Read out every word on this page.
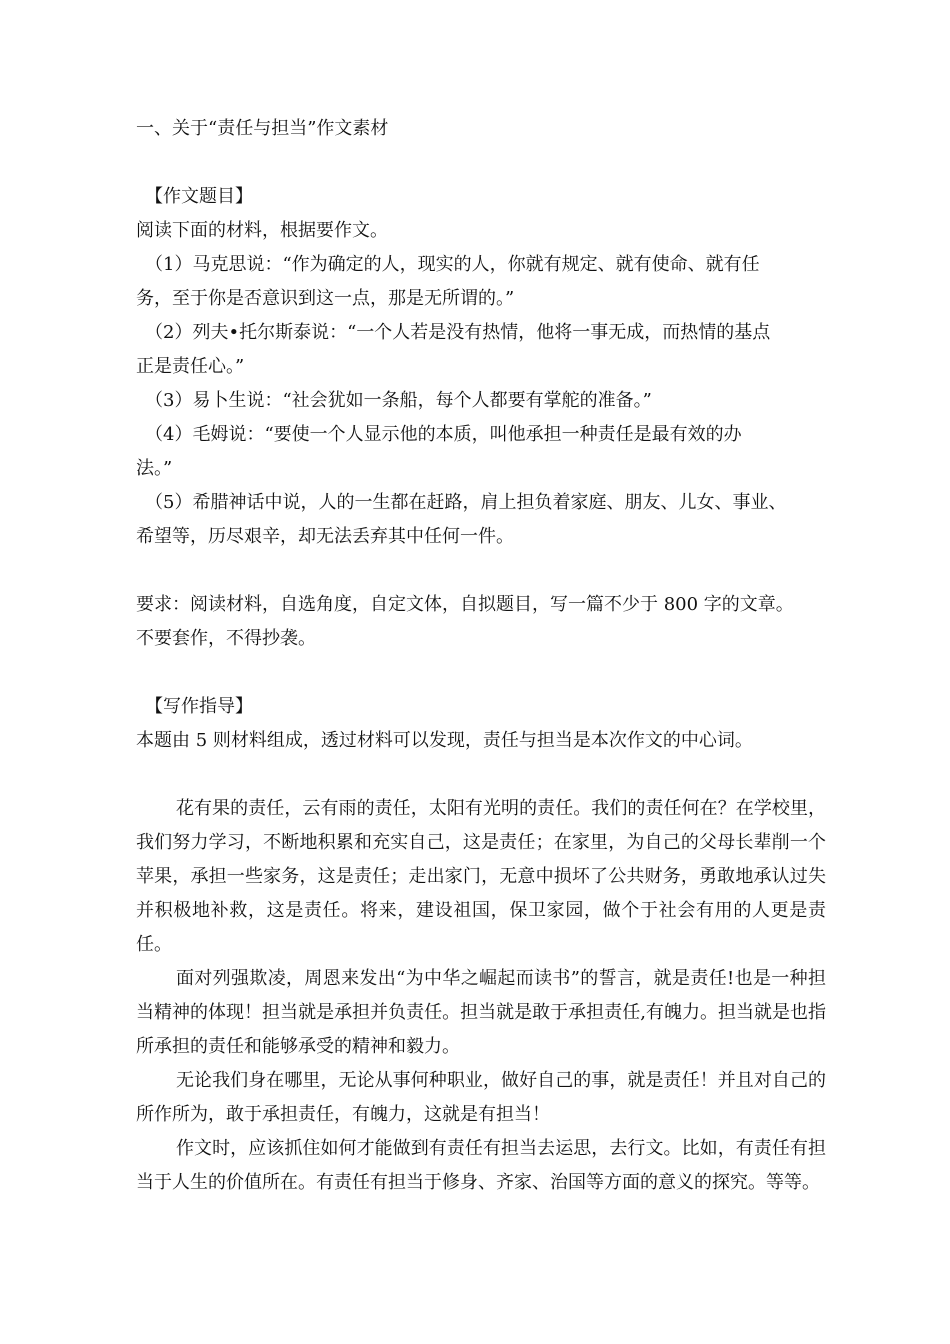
一、关于“责任与担当”作文素材
【作文题目】
阅读下面的材料，根据要作文。
（1）马克思说：“作为确定的人，现实的人，你就有规定、就有使命、就有任
务，至于你是否意识到这一点，那是无所谓的。”
（2）列夫•托尔斯泰说：“一个人若是没有热情，他将一事无成，而热情的基点
正是责任心。”
（3）易卜生说：“社会犹如一条船，每个人都要有掌舵的准备。”
（4）毛姆说：“要使一个人显示他的本质，叫他承担一种责任是最有效的办
法。”
（5）希腊神话中说，人的一生都在赶路，肩上担负着家庭、朋友、儿女、事业、
希望等，历尽艰辛，却无法丢弃其中任何一件。
要求：阅读材料，自选角度，自定文体，自拟题目，写一篇不少于 800 字的文章。
不要套作，不得抄袭。
【写作指导】
本题由 5 则材料组成，透过材料可以发现，责任与担当是本次作文的中心词。
花有果的责任，云有雨的责任，太阳有光明的责任。我们的责任何在？在学校里，我们努力学习，不断地积累和充实自己，这是责任；在家里，为自己的父母长辈削一个苹果，承担一些家务，这是责任；走出家门，无意中损坏了公共财务，勇敢地承认过失并积极地补救，这是责任。将来，建设祖国，保卫家园，做个于社会有用的人更是责任。
面对列强欺凌，周恩来发出“为中华之崛起而读书”的誓言，就是责任!也是一种担当精神的体现！担当就是承担并负责任。担当就是敢于承担责任,有魄力。担当就是也指所承担的责任和能够承受的精神和毅力。
无论我们身在哪里，无论从事何种职业，做好自己的事，就是责任！并且对自己的所作所为，敢于承担责任，有魄力，这就是有担当！
作文时，应该抓住如何才能做到有责任有担当去运思，去行文。比如，有责任有担当于人生的价值所在。有责任有担当于修身、齐家、治国等方面的意义的探究。等等。
